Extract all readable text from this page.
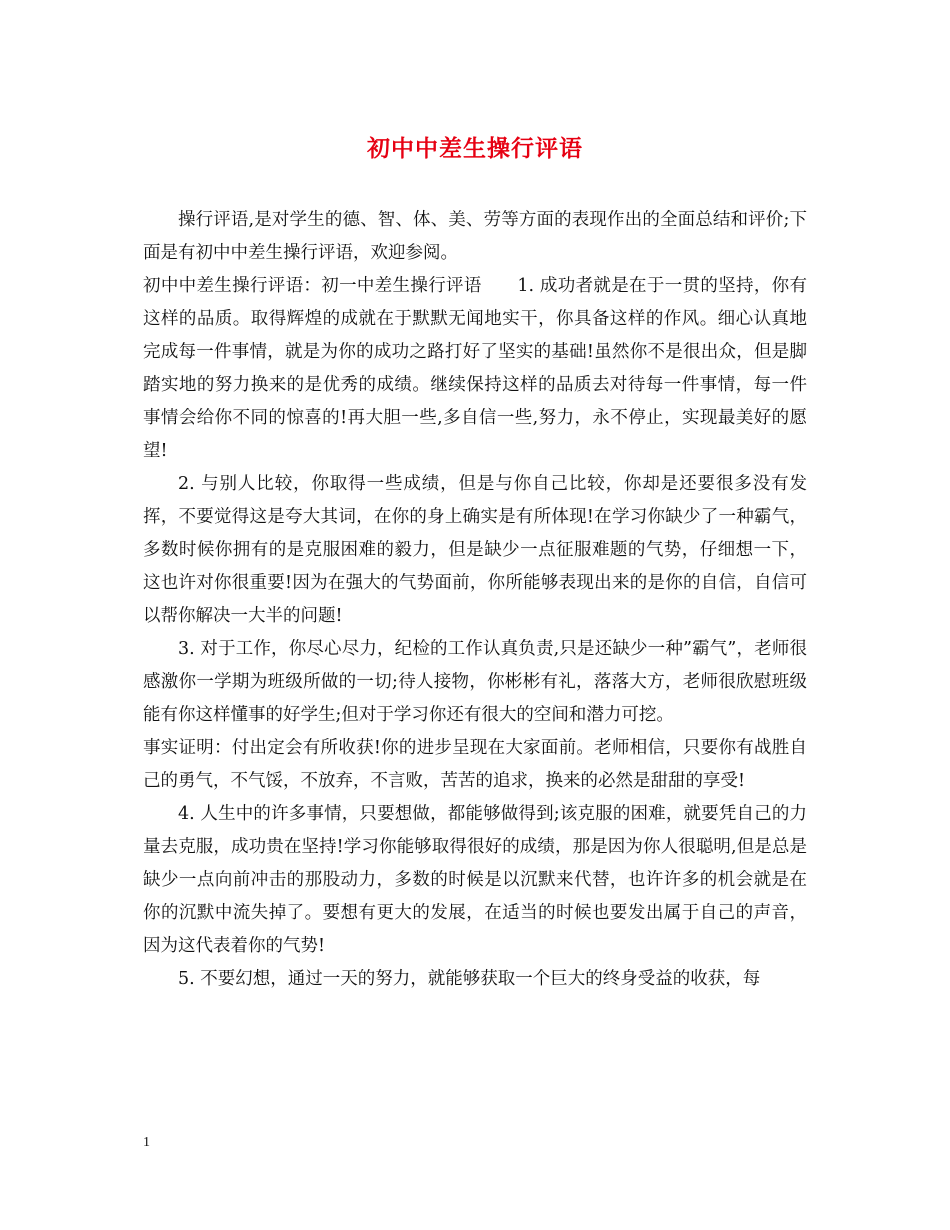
初中中差生操行评语

操行评语,是对学生的德、智、体、美、劳等方面的表现作出的全面总结和评价;下面是有初中中差生操行评语，欢迎参阅。

初中中差生操行评语：初一中差生操行评语　　1. 成功者就是在于一贯的坚持，你有这样的品质。取得辉煌的成就在于默默无闻地实干，你具备这样的作风。细心认真地完成每一件事情，就是为你的成功之路打好了坚实的基础!虽然你不是很出众，但是脚踏实地的努力换来的是优秀的成绩。继续保持这样的品质去对待每一件事情，每一件事情会给你不同的惊喜的!再大胆一些,多自信一些,努力，永不停止，实现最美好的愿望!

2. 与别人比较，你取得一些成绩，但是与你自己比较，你却是还要很多没有发挥，不要觉得这是夸大其词，在你的身上确实是有所体现!在学习你缺少了一种霸气，多数时候你拥有的是克服困难的毅力，但是缺少一点征服难题的气势，仔细想一下，这也许对你很重要!因为在强大的气势面前，你所能够表现出来的是你的自信，自信可以帮你解决一大半的问题!

3. 对于工作，你尽心尽力，纪检的工作认真负责,只是还缺少一种”霸气”，老师很感激你一学期为班级所做的一切;待人接物，你彬彬有礼，落落大方，老师很欣慰班级能有你这样懂事的好学生;但对于学习你还有很大的空间和潜力可挖。

事实证明：付出定会有所收获!你的进步呈现在大家面前。老师相信，只要你有战胜自己的勇气，不气馁，不放弃，不言败，苦苦的追求，换来的必然是甜甜的享受!

4. 人生中的许多事情，只要想做，都能够做得到;该克服的困难，就要凭自己的力量去克服，成功贵在坚持!学习你能够取得很好的成绩，那是因为你人很聪明,但是总是缺少一点向前冲击的那股动力，多数的时候是以沉默来代替，也许许多的机会就是在你的沉默中流失掉了。要想有更大的发展，在适当的时候也要发出属于自己的声音，因为这代表着你的气势!

5. 不要幻想，通过一天的努力，就能够获取一个巨大的终身受益的收获，每

1
